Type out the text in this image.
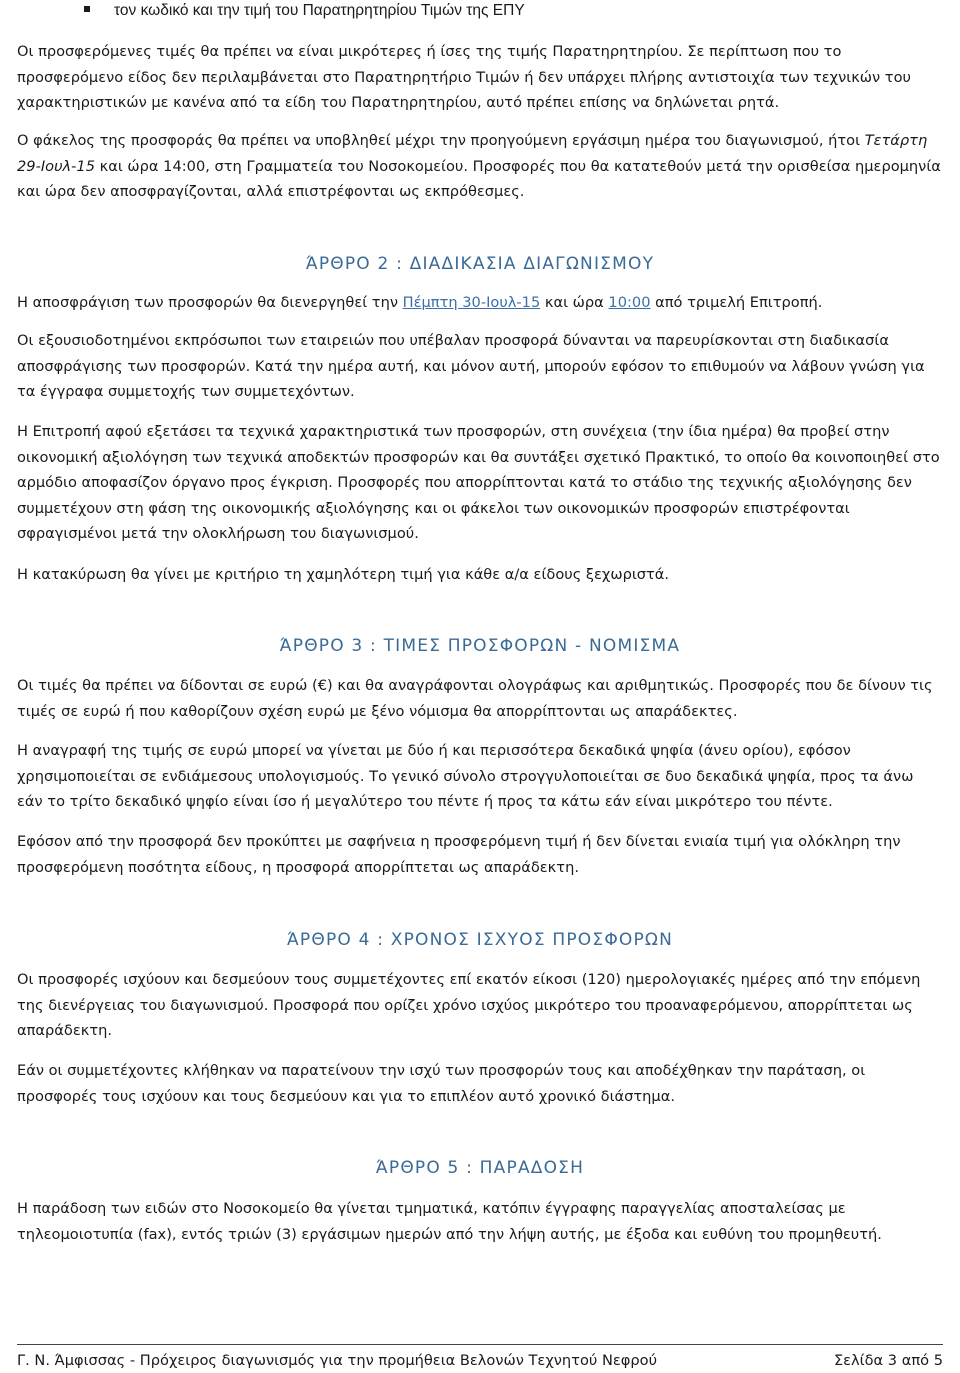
τον κωδικό και την τιμή του Παρατηρητηρίου Τιμών της ΕΠΥ

Οι προσφερόμενες τιμές θα πρέπει να είναι μικρότερες ή ίσες της τιμής Παρατηρητηρίου. Σε περίπτωση που το προσφερόμενο είδος δεν περιλαμβάνεται στο Παρατηρητήριο Τιμών ή δεν υπάρχει πλήρης αντιστοιχία των τεχνικών του χαρακτηριστικών με κανένα από τα είδη του Παρατηρητηρίου, αυτό πρέπει επίσης να δηλώνεται ρητά.

Ο φάκελος της προσφοράς θα πρέπει να υποβληθεί μέχρι την προηγούμενη εργάσιμη ημέρα του διαγωνισμού, ήτοι Τετάρτη 29-Ιουλ-15 και ώρα 14:00, στη Γραμματεία του Νοσοκομείου. Προσφορές που θα κατατεθούν μετά την ορισθείσα ημερομηνία και ώρα δεν αποσφραγίζονται, αλλά επιστρέφονται ως εκπρόθεσμες.

ΆΡΘΡΟ 2 : ΔΙΑΔΙΚΑΣΙΑ ΔΙΑΓΩΝΙΣΜΟΥ

Η αποσφράγιση των προσφορών θα διενεργηθεί την Πέμπτη 30-Ιουλ-15 και ώρα 10:00 από τριμελή Επιτροπή.

Οι εξουσιοδοτημένοι εκπρόσωποι των εταιρειών που υπέβαλαν προσφορά δύνανται να παρευρίσκονται στη διαδικασία αποσφράγισης των προσφορών. Κατά την ημέρα αυτή, και μόνον αυτή, μπορούν εφόσον το επιθυμούν να λάβουν γνώση για τα έγγραφα συμμετοχής των συμμετεχόντων.

Η Επιτροπή αφού εξετάσει τα τεχνικά χαρακτηριστικά των προσφορών, στη συνέχεια (την ίδια ημέρα) θα προβεί στην οικονομική αξιολόγηση των τεχνικά αποδεκτών προσφορών και θα συντάξει σχετικό Πρακτικό, το οποίο θα κοινοποιηθεί στο αρμόδιο αποφασίζον όργανο προς έγκριση. Προσφορές που απορρίπτονται κατά το στάδιο της τεχνικής αξιολόγησης δεν συμμετέχουν στη φάση της οικονομικής αξιολόγησης και οι φάκελοι των οικονομικών προσφορών επιστρέφονται σφραγισμένοι μετά την ολοκλήρωση του διαγωνισμού.

Η κατακύρωση θα γίνει με κριτήριο τη χαμηλότερη τιμή για κάθε α/α είδους ξεχωριστά.

ΆΡΘΡΟ 3 : ΤΙΜΕΣ ΠΡΟΣΦΟΡΩΝ - ΝΟΜΙΣΜΑ

Οι τιμές θα πρέπει να δίδονται σε ευρώ (€) και θα αναγράφονται ολογράφως και αριθμητικώς. Προσφορές που δε δίνουν τις τιμές σε ευρώ ή που καθορίζουν σχέση ευρώ με ξένο νόμισμα θα απορρίπτονται ως απαράδεκτες.

Η αναγραφή της τιμής σε ευρώ μπορεί να γίνεται με δύο ή και περισσότερα δεκαδικά ψηφία (άνευ ορίου), εφόσον χρησιμοποιείται σε ενδιάμεσους υπολογισμούς. Το γενικό σύνολο στρογγυλοποιείται σε δυο δεκαδικά ψηφία, προς τα άνω εάν το τρίτο δεκαδικό ψηφίο είναι ίσο ή μεγαλύτερο του πέντε ή προς τα κάτω εάν είναι μικρότερο του πέντε.

Εφόσον από την προσφορά δεν προκύπτει με σαφήνεια η προσφερόμενη τιμή ή δεν δίνεται ενιαία τιμή για ολόκληρη την προσφερόμενη ποσότητα είδους, η προσφορά απορρίπτεται ως απαράδεκτη.

ΆΡΘΡΟ 4 : ΧΡΟΝΟΣ ΙΣΧΥΟΣ ΠΡΟΣΦΟΡΩΝ

Οι προσφορές ισχύουν και δεσμεύουν τους συμμετέχοντες επί εκατόν είκοσι (120) ημερολογιακές ημέρες από την επόμενη της διενέργειας του διαγωνισμού. Προσφορά που ορίζει χρόνο ισχύος μικρότερο του προαναφερόμενου, απορρίπτεται ως απαράδεκτη.

Εάν οι συμμετέχοντες κλήθηκαν να παρατείνουν την ισχύ των προσφορών τους και αποδέχθηκαν την παράταση, οι προσφορές τους ισχύουν και τους δεσμεύουν και για το επιπλέον αυτό χρονικό διάστημα.

ΆΡΘΡΟ 5 : ΠΑΡΑΔΟΣΗ

Η παράδοση των ειδών στο Νοσοκομείο θα γίνεται τμηματικά, κατόπιν έγγραφης παραγγελίας αποσταλείσας με τηλεομοιοτυπία (fax), εντός τριών (3) εργάσιμων ημερών από την λήψη αυτής, με έξοδα και ευθύνη του προμηθευτή.

Γ. Ν. Άμφισσας - Πρόχειρος διαγωνισμός για την προμήθεια Βελονών Τεχνητού Νεφρού	Σελίδα 3 από 5
